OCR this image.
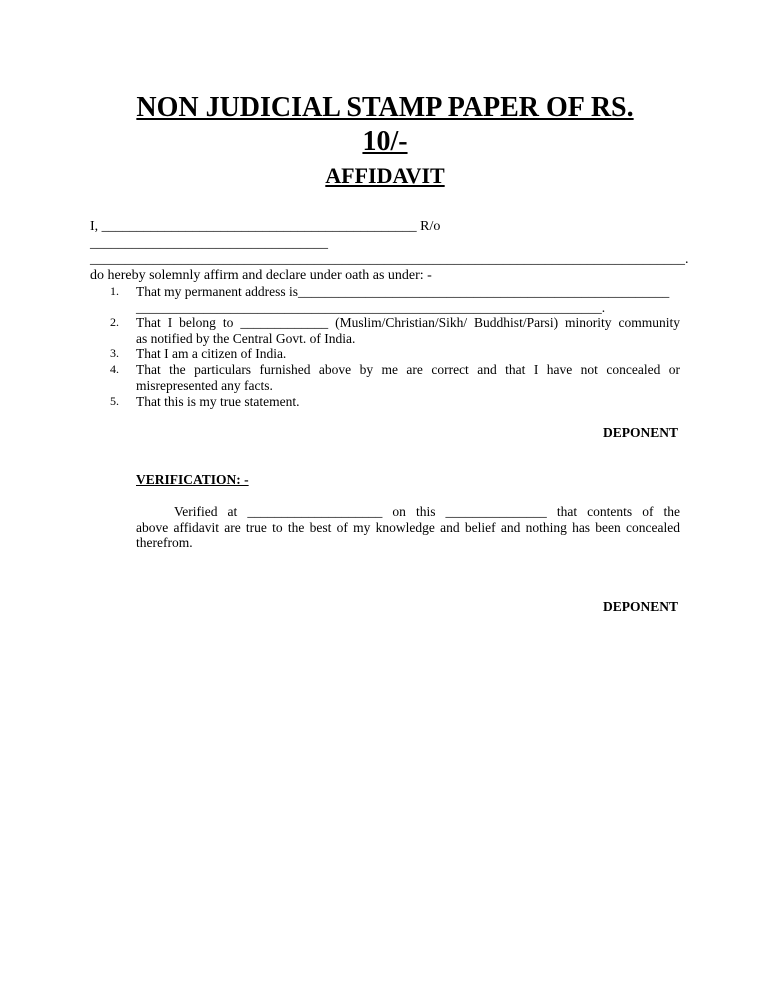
NON JUDICIAL STAMP PAPER OF RS.
10/-
AFFIDAVIT
I, _____________________________________________ R/o
__________________________________
_____________________________________________________________________________________.
do hereby solemnly affirm and declare under oath as under: -
1.	That my permanent address is_______________________________________________________
_____________________________________________________________________.
2.	That I belong to _____________ (Muslim/Christian/Sikh/ Buddhist/Parsi) minority community
as notified by the Central Govt. of India.
3.	That I am a citizen of India.
4.	That the particulars furnished above by me are correct and that I have not concealed or
misrepresented any facts.
5.	That this is my true statement.
DEPONENT
VERIFICATION: -
Verified at ____________________ on this _______________ that contents of the
above affidavit are true to the best of my knowledge and belief and nothing has been concealed
therefrom.
DEPONENT
